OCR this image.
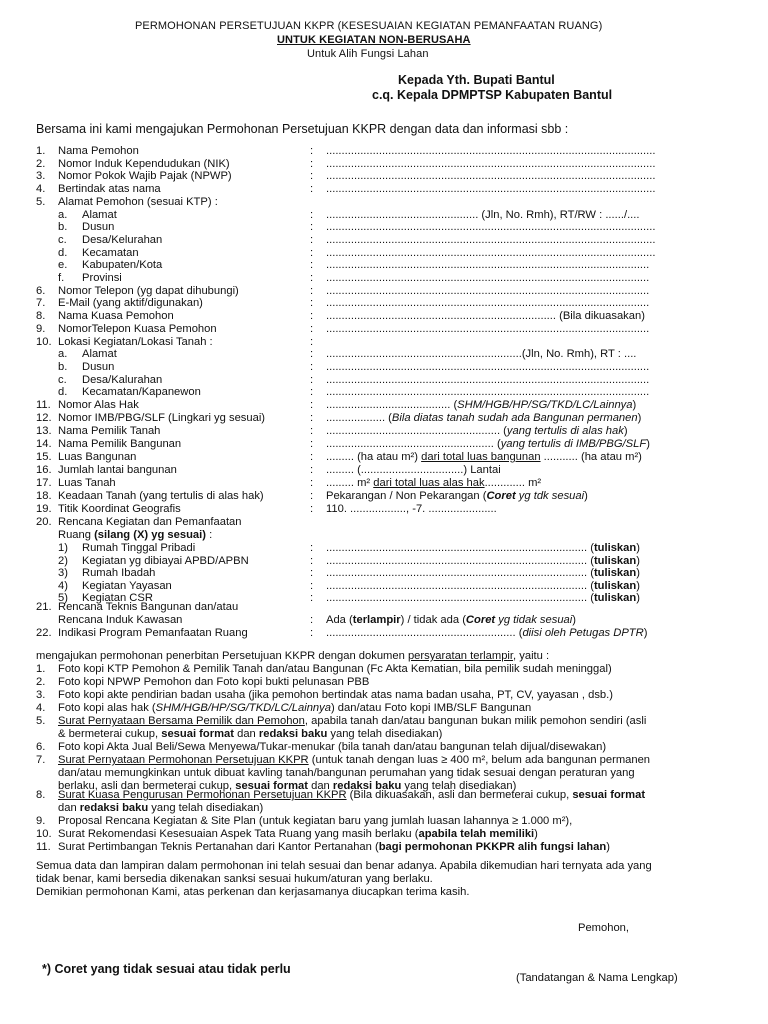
PERMOHONAN PERSETUJUAN KKPR (KESESUAIAN KEGIATAN PEMANFAATAN RUANG)
UNTUK KEGIATAN NON-BERUSAHA
Untuk Alih Fungsi Lahan
Kepada Yth. Bupati Bantul
c.q. Kepala DPMPTSP Kabupaten Bantul
Bersama ini kami mengajukan Permohonan Persetujuan KKPR dengan data dan informasi sbb :
1. Nama Pemohon	: ..........................................................................................................
2. Nomor Induk Kependudukan (NIK)	: ..........................................................................................................
3. Nomor Pokok Wajib Pajak (NPWP)	: ..........................................................................................................
4. Bertindak atas nama	: ..........................................................................................................
5. Alamat Pemohon (sesuai KTP) :
a. Alamat	: ................................................. (Jln, No. Rmh), RT/RW : ....../....
b. Dusun	: ..........................................................................................................
c. Desa/Kelurahan	: ..........................................................................................................
d. Kecamatan	: ..........................................................................................................
e. Kabupaten/Kota	: ........................................................................................................
f. Provinsi	: ........................................................................................................
6. Nomor Telepon (yg dapat dihubungi)	: ........................................................................................................
7. E-Mail (yang aktif/digunakan)	: ........................................................................................................
8. Nama Kuasa Pemohon	: .......................................................................... (Bila dikuasakan)
9. NomorTelepon Kuasa Pemohon	: ........................................................................................................
10. Lokasi Kegiatan/Lokasi Tanah :	:
a. Alamat	: ...............................................................(Jln, No. Rmh), RT : ....
b. Dusun	: ........................................................................................................
c. Desa/Kalurahan	: ........................................................................................................
d. Kecamatan/Kapanewon	: ........................................................................................................
11. Nomor Alas Hak	: ........................................ (SHM/HGB/HP/SG/TKD/LC/Lainnya)
12. Nomor IMB/PBG/SLF (Lingkari yg sesuai)	: ................... (Bila diatas tanah sudah ada Bangunan permanen)
13. Nama Pemilik Tanah	: ........................................................ (yang tertulis di alas hak)
14. Nama Pemilik Bangunan	: ...................................................... (yang tertulis di IMB/PBG/SLF)
15. Luas Bangunan	: ......... (ha atau m²) dari total luas bangunan ........... (ha atau m²)
16. Jumlah lantai bangunan	: ......... (.................................) Lantai
17. Luas Tanah	: ......... m² dari total luas alas hak............. m²
18. Keadaan Tanah (yang tertulis di alas hak)	: Pekarangan / Non Pekarangan (Coret yg tdk sesuai)
19. Titik Koordinat Geografis	: 110. .................., -7. ......................
20. Rencana Kegiatan dan Pemanfaatan
Ruang (silang (X) yg sesuai) :
1) Rumah Tinggal Pribadi	: .................................................................................... (tuliskan)
2) Kegiatan yg dibiayai APBD/APBN	: .................................................................................... (tuliskan)
3) Rumah Ibadah	: .................................................................................... (tuliskan)
4) Kegiatan Yayasan	: .................................................................................... (tuliskan)
5) Kegiatan CSR	: .................................................................................... (tuliskan)
21. Rencana Teknis Bangunan dan/atau
Rencana Induk Kawasan	: Ada (terlampir) / tidak ada (Coret yg tidak sesuai)
22. Indikasi Program Pemanfaatan Ruang	: ............................................................. (diisi oleh Petugas DPTR)
mengajukan permohonan penerbitan Persetujuan KKPR dengan dokumen persyaratan terlampir, yaitu :
1. Foto kopi KTP Pemohon & Pemilik Tanah dan/atau Bangunan (Fc Akta Kematian, bila pemilik sudah meninggal)
2. Foto kopi NPWP Pemohon dan Foto kopi bukti pelunasan PBB
3. Foto kopi akte pendirian badan usaha (jika pemohon bertindak atas nama badan usaha, PT, CV, yayasan , dsb.)
4. Foto kopi alas hak (SHM/HGB/HP/SG/TKD/LC/Lainnya) dan/atau Foto kopi IMB/SLF Bangunan
5. Surat Pernyataan Bersama Pemilik dan Pemohon, apabila tanah dan/atau bangunan bukan milik pemohon sendiri (asli
& bermeterai cukup, sesuai format dan redaksi baku yang telah disediakan)
6. Foto kopi Akta Jual Beli/Sewa Menyewa/Tukar-menukar (bila tanah dan/atau bangunan telah dijual/disewakan)
7. Surat Pernyataan Permohonan Persetujuan KKPR (untuk tanah dengan luas ≥ 400 m², belum ada bangunan permanen
dan/atau memungkinkan untuk dibuat kavling tanah/bangunan perumahan yang tidak sesuai dengan peraturan yang
berlaku, asli dan bermeterai cukup, sesuai format dan redaksi baku yang telah disediakan)
8. Surat Kuasa Pengurusan Permohonan Persetujuan KKPR (Bila dikuasakan, asli dan bermeterai cukup, sesuai format
dan redaksi baku yang telah disediakan)
9. Proposal Rencana Kegiatan & Site Plan (untuk kegiatan baru yang jumlah luasan lahannya ≥ 1.000 m²),
10. Surat Rekomendasi Kesesuaian Aspek Tata Ruang yang masih berlaku (apabila telah memiliki)
11. Surat Pertimbangan Teknis Pertanahan dari Kantor Pertanahan (bagi permohonan PKKPR alih fungsi lahan)
Semua data dan lampiran dalam permohonan ini telah sesuai dan benar adanya. Apabila dikemudian hari ternyata ada yang
tidak benar, kami bersedia dikenakan sanksi sesuai hukum/aturan yang berlaku.
Demikian permohonan Kami, atas perkenan dan kerjasamanya diucapkan terima kasih.
Pemohon,
*) Coret yang tidak sesuai atau tidak perlu
(Tandatangan & Nama Lengkap)
